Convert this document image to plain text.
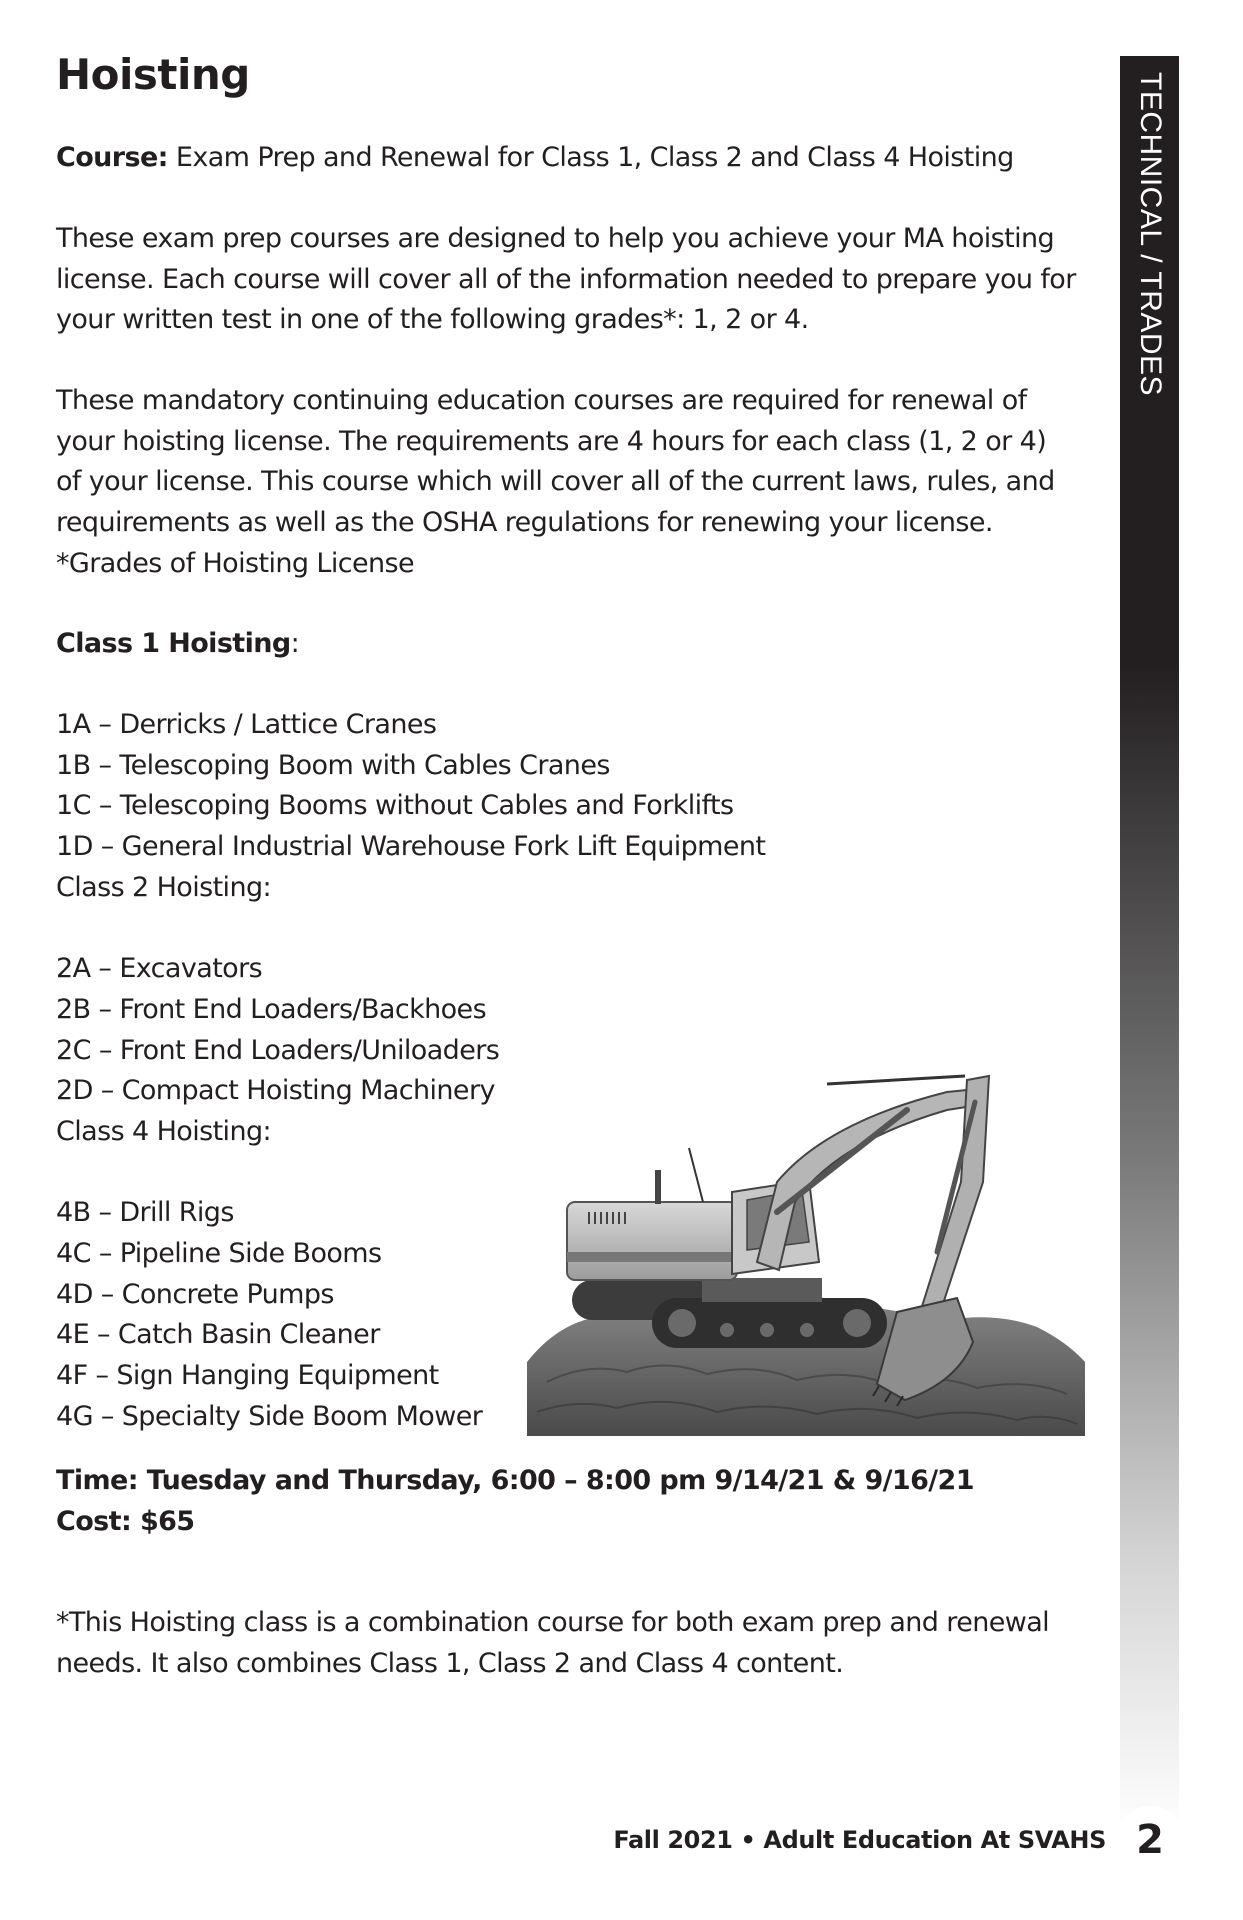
Hoisting

Course: Exam Prep and Renewal for Class 1, Class 2 and Class 4 Hoisting

These exam prep courses are designed to help you achieve your MA hoisting license. Each course will cover all of the information needed to prepare you for your written test in one of the following grades*: 1, 2 or 4.

These mandatory continuing education courses are required for renewal of your hoisting license. The requirements are 4 hours for each class (1, 2 or 4) of your license. This course which will cover all of the current laws, rules, and requirements as well as the OSHA regulations for renewing your license. *Grades of Hoisting License

Class 1 Hoisting:

1A – Derricks / Lattice Cranes
1B – Telescoping Boom with Cables Cranes
1C – Telescoping Booms without Cables and Forklifts
1D – General Industrial Warehouse Fork Lift Equipment
Class 2 Hoisting:
2A – Excavators
2B – Front End Loaders/Backhoes
2C – Front End Loaders/Uniloaders
2D – Compact Hoisting Machinery
Class 4 Hoisting:
4B – Drill Rigs
4C – Pipeline Side Booms
4D – Concrete Pumps
4E – Catch Basin Cleaner
4F – Sign Hanging Equipment
4G – Specialty Side Boom Mower
TECHNICAL / TRADES

Time: Tuesday and Thursday, 6:00 – 8:00 pm 9/14/21 & 9/16/21
Cost: $65

*This Hoisting class is a combination course for both exam prep and renewal needs. It also combines Class 1, Class 2 and Class 4 content.

Fall 2021 • Adult Education At SVAHS 2
